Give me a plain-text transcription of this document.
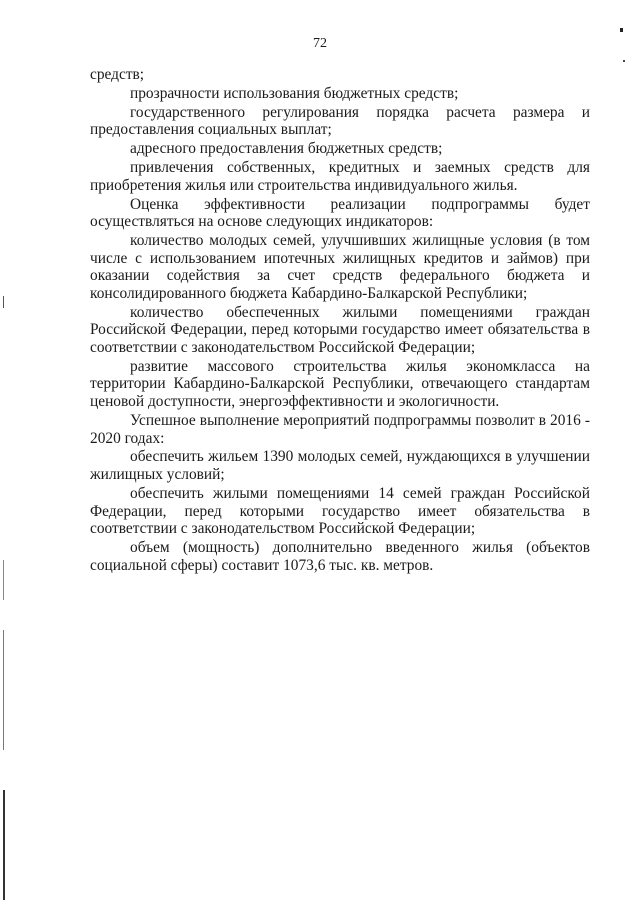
72

средств;

прозрачности использования бюджетных средств;

государственного регулирования порядка расчета размера и предоставления социальных выплат;

адресного предоставления бюджетных средств;

привлечения собственных, кредитных и заемных средств для приобретения жилья или строительства индивидуального жилья.

Оценка эффективности реализации подпрограммы будет осуществляться на основе следующих индикаторов:

количество молодых семей, улучшивших жилищные условия (в том числе с использованием ипотечных жилищных кредитов и займов) при оказании содействия за счет средств федерального бюджета и консолидированного бюджета Кабардино-Балкарской Республики;

количество обеспеченных жилыми помещениями граждан Российской Федерации, перед которыми государство имеет обязательства в соответствии с законодательством Российской Федерации;

развитие массового строительства жилья экономкласса на территории Кабардино-Балкарской Республики, отвечающего стандартам ценовой доступности, энергоэффективности и экологичности.

Успешное выполнение мероприятий подпрограммы позволит в 2016 - 2020 годах:

обеспечить жильем 1390 молодых семей, нуждающихся в улучшении жилищных условий;

обеспечить жилыми помещениями 14 семей граждан Российской Федерации, перед которыми государство имеет обязательства в соответствии с законодательством Российской Федерации;

объем (мощность) дополнительно введенного жилья (объектов социальной сферы) составит 1073,6 тыс. кв. метров.
